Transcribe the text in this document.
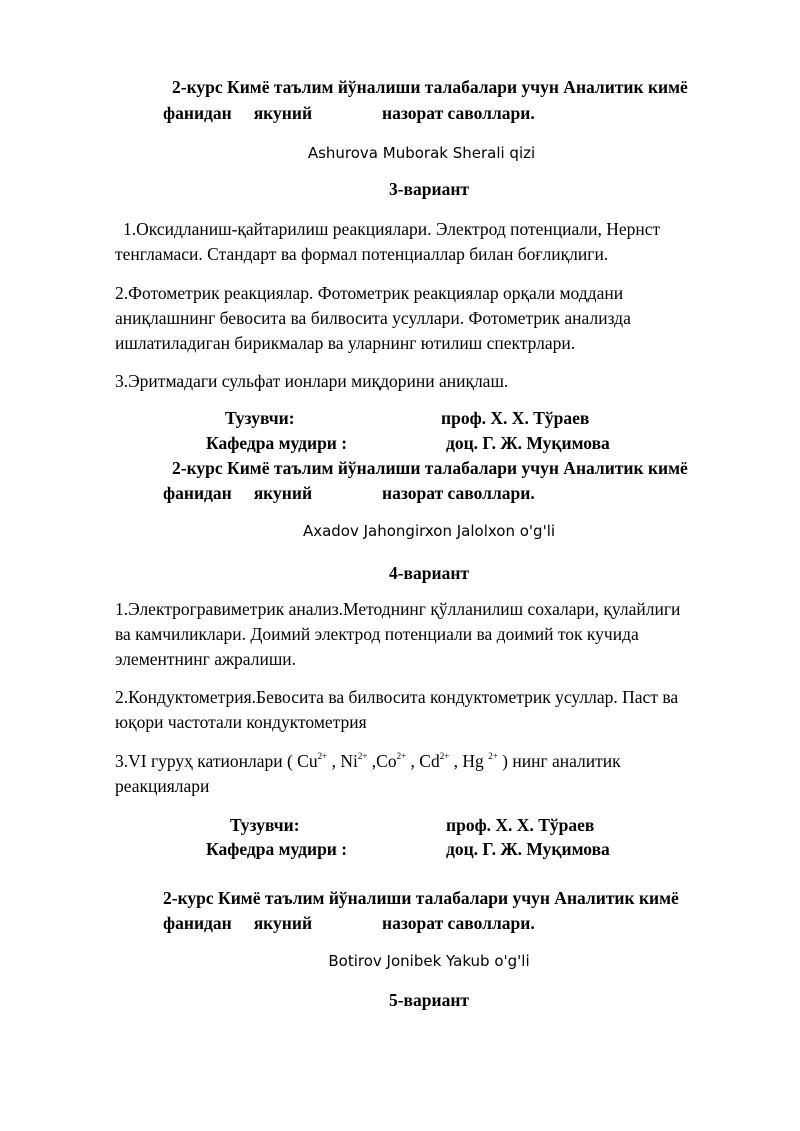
2-курс Кимё таълим йўналиши талабалари учун Аналитик кимё
фанидан якуний	назорат саволлари.
Ashurova Muborak Sherali qizi
3-вариант
1.Оксидланиш-қайтарилиш реакциялари. Электрод потенциали, Нернст
тенгламаси. Стандарт ва формал потенциаллар билан боғлиқлиги.
2.Фотометрик реакциялар. Фотометрик реакциялар орқали моддани
аниқлашнинг бевосита ва билвосита усуллари. Фотометрик анализда
ишлатиладиган бирикмалар ва уларнинг ютилиш спектрлари.
3.Эритмадаги сульфат ионлари миқдорини аниқлаш.
Тузувчи:	проф. Х. Х. Тўраев
Кафедра мудири :	доц. Г. Ж. Муқимова
2-курс Кимё таълим йўналиши талабалари учун Аналитик кимё
фанидан якуний	назорат саволлари.
Axadov Jahongirxon Jalolxon o'g'li
4-вариант
1.Электрогравиметрик анализ.Методнинг қўлланилиш сохалари, қулайлиги
ва камчиликлари. Доимий электрод потенциали ва доимий ток кучида
элементнинг ажралиши.
2.Кондуктометрия.Бевосита ва билвосита кондуктометрик усуллар. Паст ва
юқори частотали кондуктометрия
3.VI гуруҳ катионлари ( $Cu^{2+}$ , $Ni^{2+}$ $,Co^{2+}$ , $Cd^{2+}$ , Hg $^{2+}$ ) нинг аналитик
реакциялари
Тузувчи:	проф. Х. Х. Тўраев
Кафедра мудири :	доц. Г. Ж. Муқимова
2-курс Кимё таълим йўналиши талабалари учун Аналитик кимё
фанидан якуний	назорат саволлари.
Botirov Jonibek Yakub o'g'li
5-вариант
